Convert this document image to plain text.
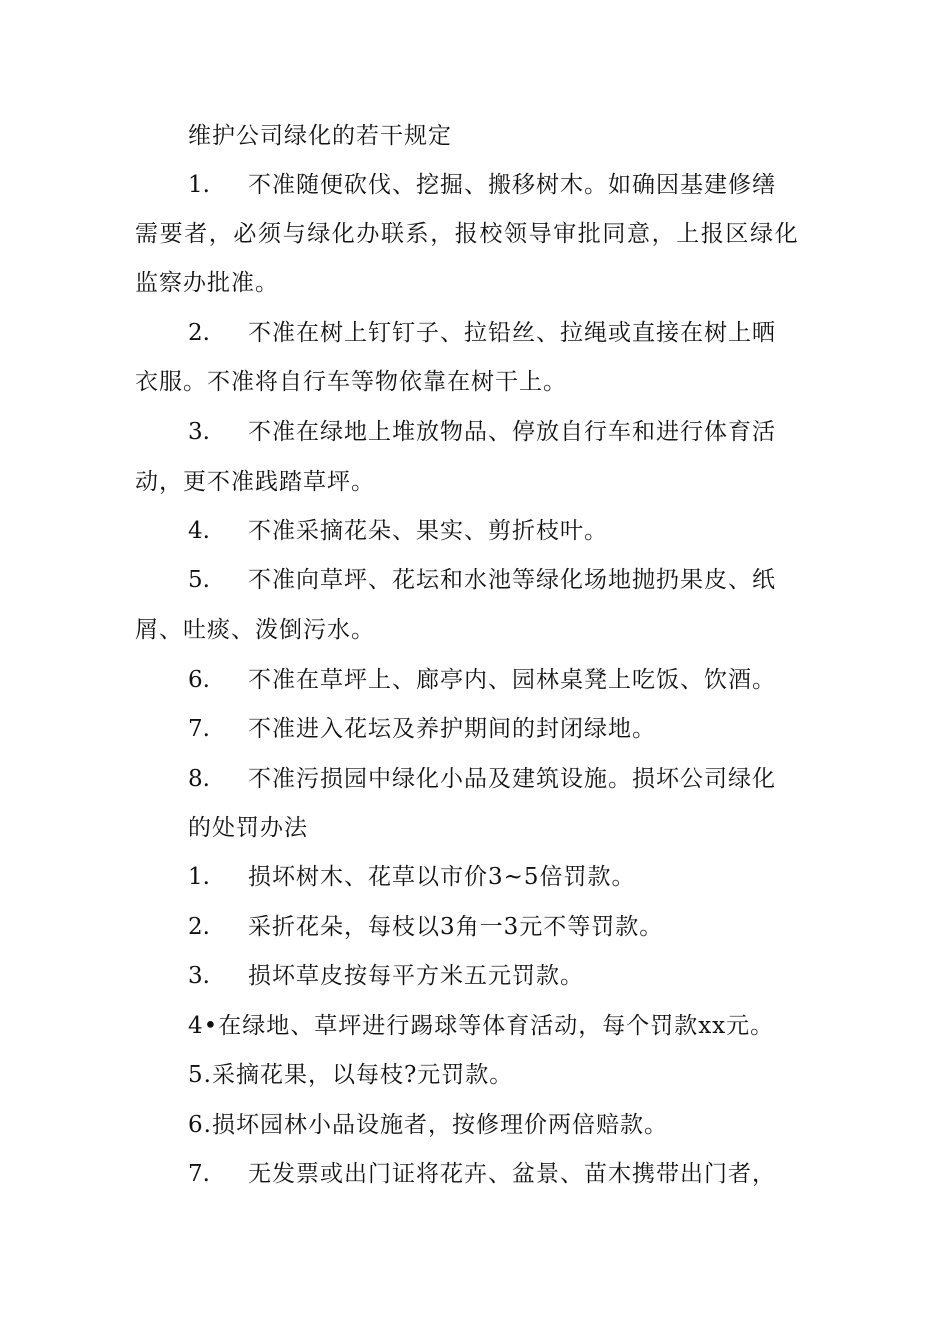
维护公司绿化的若干规定
1. 不准随便砍伐、挖掘、搬移树木。如确因基建修缮
需要者，必须与绿化办联系，报校领导审批同意，上报区绿化
监察办批准。
2. 不准在树上钉钉子、拉铅丝、拉绳或直接在树上晒
衣服。不准将自行车等物依靠在树干上。
3. 不准在绿地上堆放物品、停放自行车和进行体育活
动，更不准践踏草坪。
4. 不准采摘花朵、果实、剪折枝叶。
5. 不准向草坪、花坛和水池等绿化场地抛扔果皮、纸
屑、吐痰、泼倒污水。
6. 不准在草坪上、廊亭内、园林桌凳上吃饭、饮酒。
7. 不准进入花坛及养护期间的封闭绿地。
8. 不准污损园中绿化小品及建筑设施。损坏公司绿化
的处罚办法
1. 损坏树木、花草以市价3~5倍罚款。
2. 采折花朵，每枝以3角一3元不等罚款。
3. 损坏草皮按每平方米五元罚款。
4•在绿地、草坪进行踢球等体育活动，每个罚款xx元。
5.采摘花果，以每枝?元罚款。
6.损坏园林小品设施者，按修理价两倍赔款。
7. 无发票或出门证将花卉、盆景、苗木携带出门者，
